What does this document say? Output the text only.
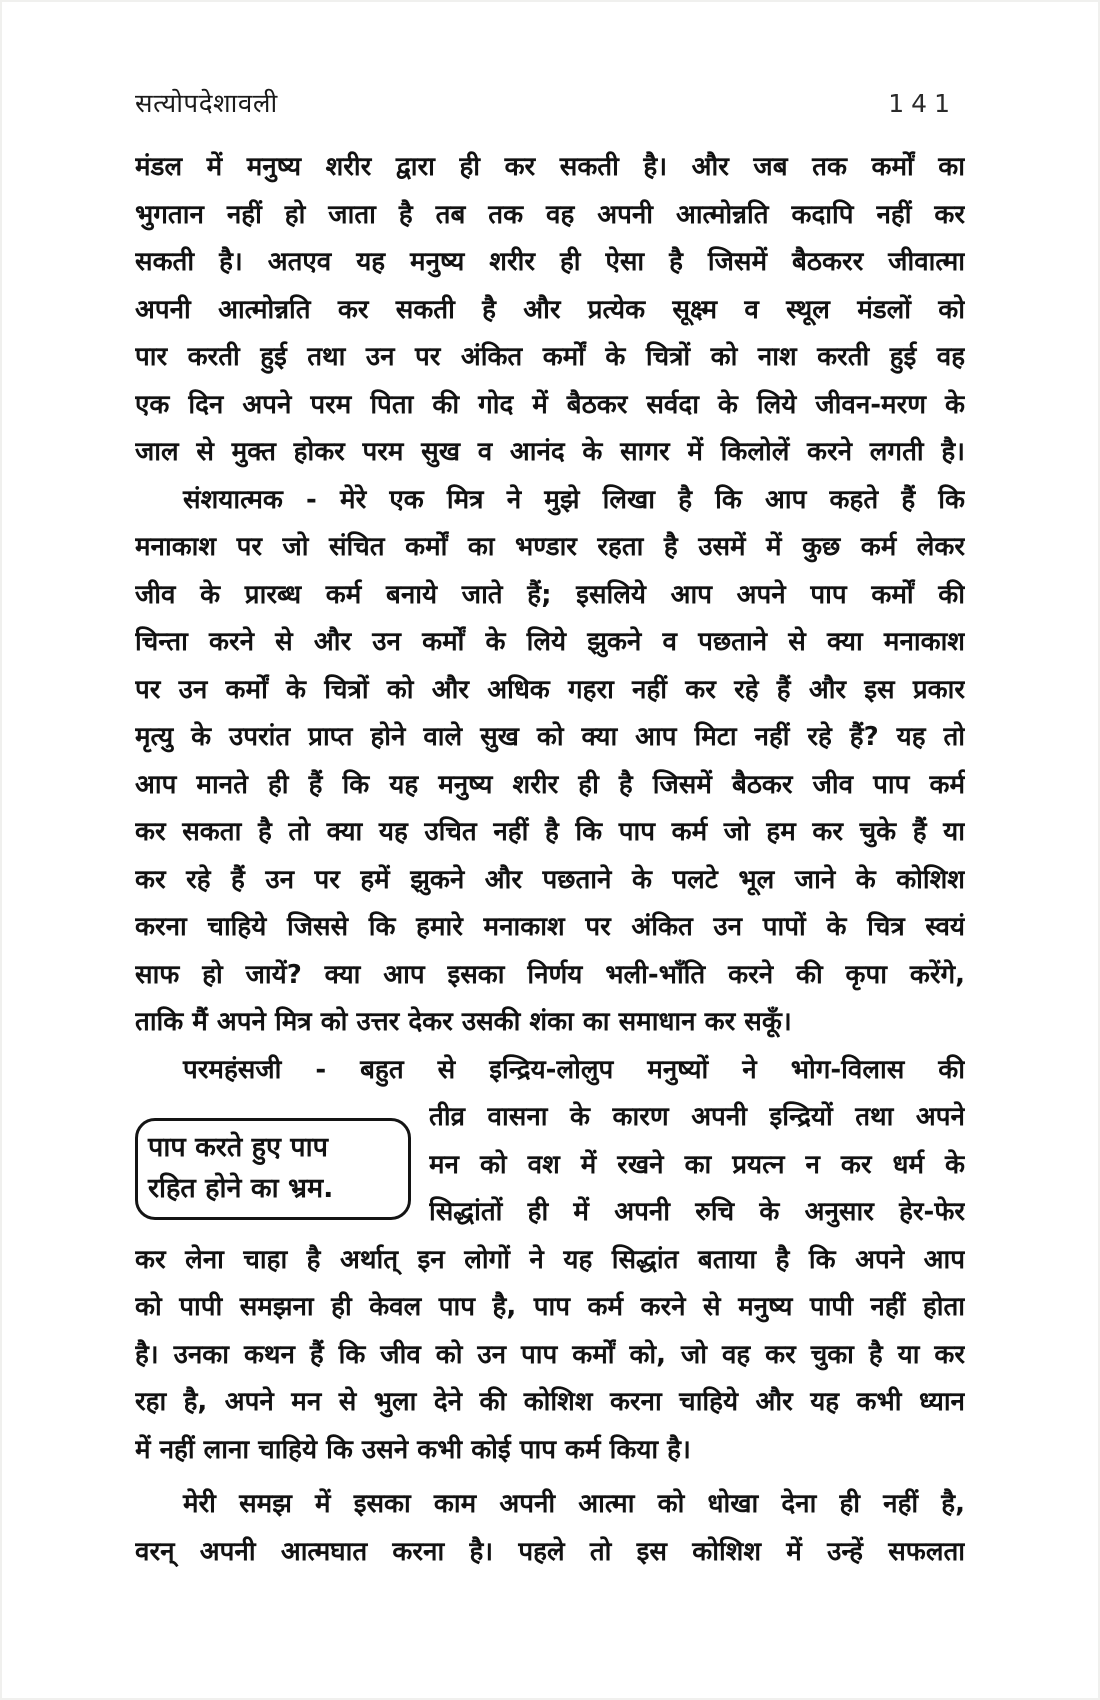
सत्योपदेशावली	141
मंडल में मनुष्य शरीर द्वारा ही कर सकती है। और जब तक कर्मों का
भुगतान नहीं हो जाता है तब तक वह अपनी आत्मोन्नति कदापि नहीं कर
सकती है। अतएव यह मनुष्य शरीर ही ऐसा है जिसमें बैठकरर जीवात्मा
अपनी आत्मोन्नति कर सकती है और प्रत्येक सूक्ष्म व स्थूल मंडलों को
पार करती हुई तथा उन पर अंकित कर्मों के चित्रों को नाश करती हुई वह
एक दिन अपने परम पिता की गोद में बैठकर सर्वदा के लिये जीवन-मरण के
जाल से मुक्त होकर परम सुख व आनंद के सागर में किलोलें करने लगती है।
संशयात्मक - मेरे एक मित्र ने मुझे लिखा है कि आप कहते हैं कि
मनाकाश पर जो संचित कर्मों का भण्डार रहता है उसमें में कुछ कर्म लेकर
जीव के प्रारब्ध कर्म बनाये जाते हैं; इसलिये आप अपने पाप कर्मों की
चिन्ता करने से और उन कर्मों के लिये झुकने व पछताने से क्या मनाकाश
पर उन कर्मों के चित्रों को और अधिक गहरा नहीं कर रहे हैं और इस प्रकार
मृत्यु के उपरांत प्राप्त होने वाले सुख को क्या आप मिटा नहीं रहे हैं? यह तो
आप मानते ही हैं कि यह मनुष्य शरीर ही है जिसमें बैठकर जीव पाप कर्म
कर सकता है तो क्या यह उचित नहीं है कि पाप कर्म जो हम कर चुके हैं या
कर रहे हैं उन पर हमें झुकने और पछताने के पलटे भूल जाने के कोशिश
करना चाहिये जिससे कि हमारे मनाकाश पर अंकित उन पापों के चित्र स्वयं
साफ हो जायें? क्या आप इसका निर्णय भली-भाँति करने की कृपा करेंगे,
ताकि मैं अपने मित्र को उत्तर देकर उसकी शंका का समाधान कर सकूँ।
परमहंसजी - बहुत से इन्द्रिय-लोलुप मनुष्यों ने भोग-विलास की
पाप करते हुए पाप
रहित होने का भ्रम.
तीव्र वासना के कारण अपनी इन्द्रियों तथा अपने
मन को वश में रखने का प्रयत्न न कर धर्म के
सिद्धांतों ही में अपनी रुचि के अनुसार हेर-फेर
कर लेना चाहा है अर्थात् इन लोगों ने यह सिद्धांत बताया है कि अपने आप
को पापी समझना ही केवल पाप है, पाप कर्म करने से मनुष्य पापी नहीं होता
है। उनका कथन हैं कि जीव को उन पाप कर्मों को, जो वह कर चुका है या कर
रहा है, अपने मन से भुला देने की कोशिश करना चाहिये और यह कभी ध्यान
में नहीं लाना चाहिये कि उसने कभी कोई पाप कर्म किया है।
मेरी समझ में इसका काम अपनी आत्मा को धोखा देना ही नहीं है,
वरन् अपनी आत्मघात करना है। पहले तो इस कोशिश में उन्हें सफलता
